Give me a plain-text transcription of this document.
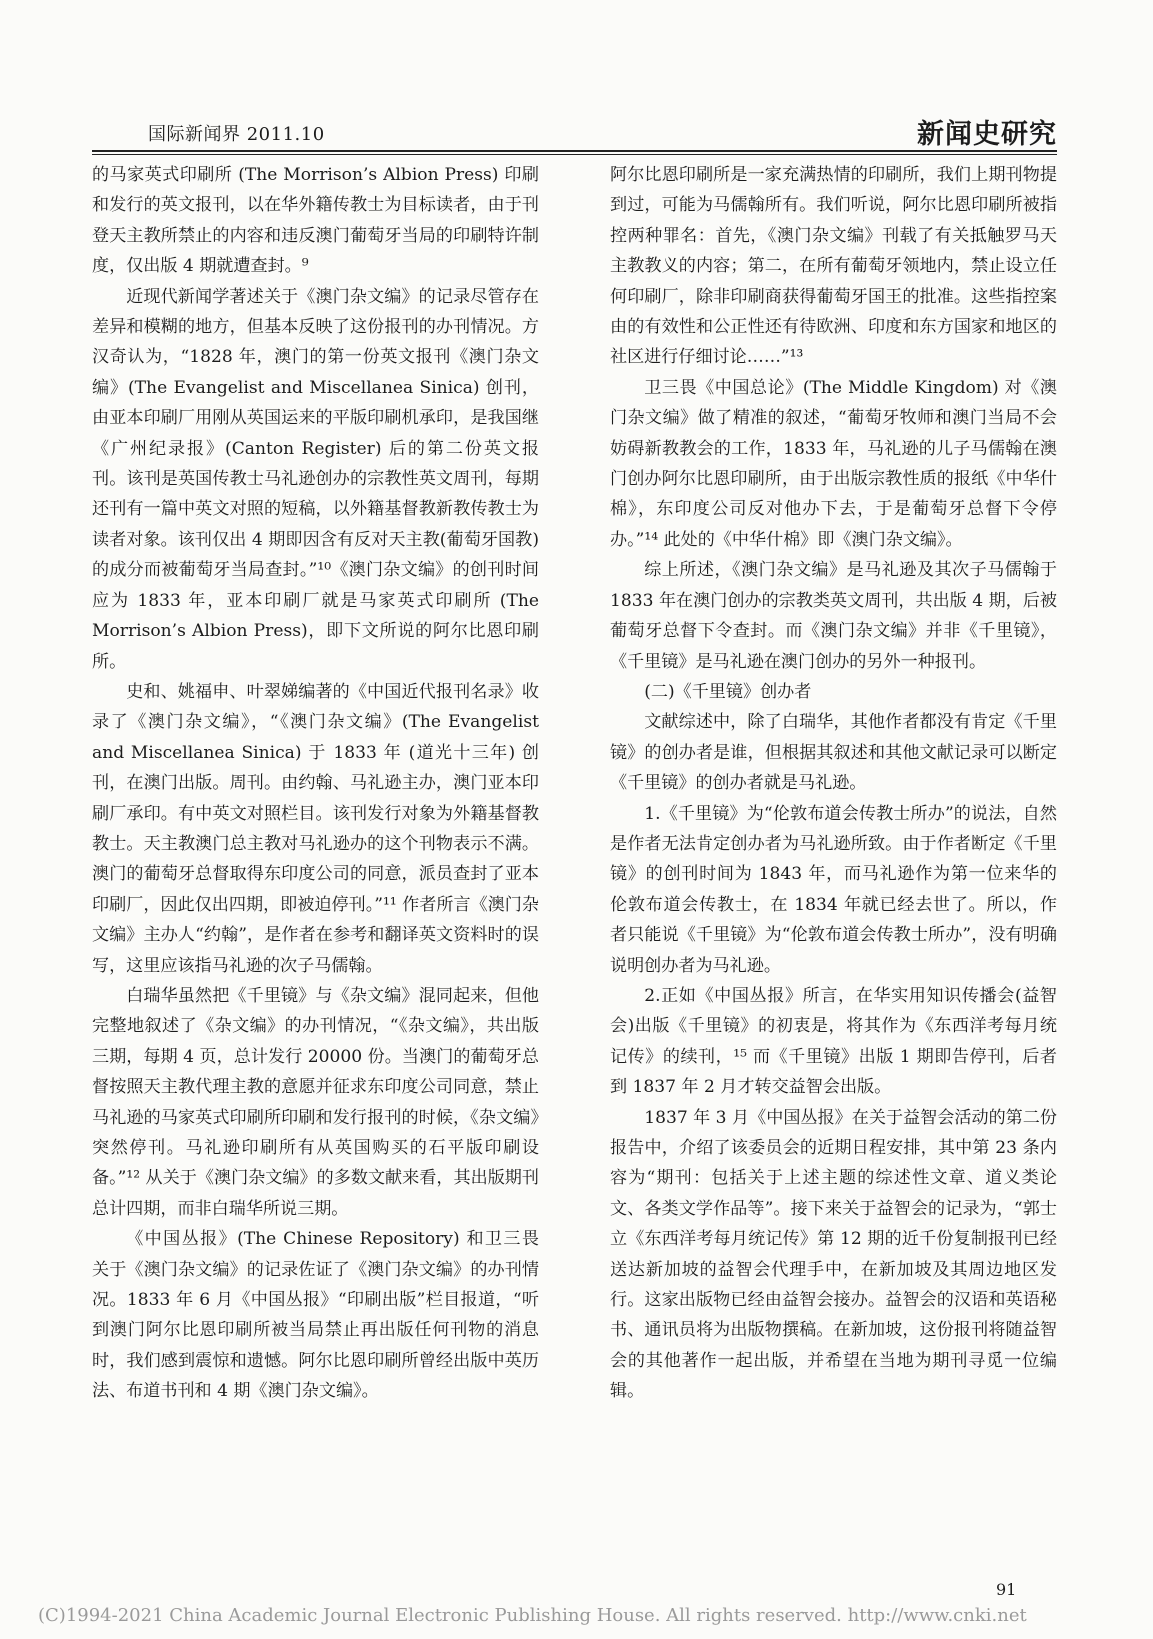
国际新闻界 2011.10	新闻史研究

的马家英式印刷所 (The Morrison’s Albion Press) 印刷和发行的英文报刊，以在华外籍传教士为目标读者，由于刊登天主教所禁止的内容和违反澳门葡萄牙当局的印刷特许制度，仅出版 4 期就遭查封。⁹

近现代新闻学著述关于《澳门杂文编》的记录尽管存在差异和模糊的地方，但基本反映了这份报刊的办刊情况。方汉奇认为，“1828 年，澳门的第一份英文报刊《澳门杂文编》(The Evangelist and Miscellanea Sinica) 创刊，由亚本印刷厂用刚从英国运来的平版印刷机承印，是我国继《广州纪录报》(Canton Register) 后的第二份英文报刊。该刊是英国传教士马礼逊创办的宗教性英文周刊，每期还刊有一篇中英文对照的短稿，以外籍基督教新教传教士为读者对象。该刊仅出 4 期即因含有反对天主教(葡萄牙国教)的成分而被葡萄牙当局查封。”¹⁰《澳门杂文编》的创刊时间应为 1833 年，亚本印刷厂就是马家英式印刷所 (The Morrison’s Albion Press)，即下文所说的阿尔比恩印刷所。

史和、姚福申、叶翠娣编著的《中国近代报刊名录》收录了《澳门杂文编》，“《澳门杂文编》(The Evangelist and Miscellanea Sinica) 于 1833 年 (道光十三年) 创刊，在澳门出版。周刊。由约翰、马礼逊主办，澳门亚本印刷厂承印。有中英文对照栏目。该刊发行对象为外籍基督教教士。天主教澳门总主教对马礼逊办的这个刊物表示不满。澳门的葡萄牙总督取得东印度公司的同意，派员查封了亚本印刷厂，因此仅出四期，即被迫停刊。”¹¹ 作者所言《澳门杂文编》主办人“约翰”，是作者在参考和翻译英文资料时的误写，这里应该指马礼逊的次子马儒翰。

白瑞华虽然把《千里镜》与《杂文编》混同起来，但他完整地叙述了《杂文编》的办刊情况，“《杂文编》，共出版三期，每期 4 页，总计发行 20000 份。当澳门的葡萄牙总督按照天主教代理主教的意愿并征求东印度公司同意，禁止马礼逊的马家英式印刷所印刷和发行报刊的时候，《杂文编》突然停刊。马礼逊印刷所有从英国购买的石平版印刷设备。”¹² 从关于《澳门杂文编》的多数文献来看，其出版期刊总计四期，而非白瑞华所说三期。

《中国丛报》(The Chinese Repository) 和卫三畏关于《澳门杂文编》的记录佐证了《澳门杂文编》的办刊情况。1833 年 6 月《中国丛报》“印刷出版”栏目报道，“听到澳门阿尔比恩印刷所被当局禁止再出版任何刊物的消息时，我们感到震惊和遗憾。阿尔比恩印刷所曾经出版中英历法、布道书刊和 4 期《澳门杂文编》。

阿尔比恩印刷所是一家充满热情的印刷所，我们上期刊物提到过，可能为马儒翰所有。我们听说，阿尔比恩印刷所被指控两种罪名：首先，《澳门杂文编》刊载了有关抵触罗马天主教教义的内容；第二，在所有葡萄牙领地内，禁止设立任何印刷厂，除非印刷商获得葡萄牙国王的批准。这些指控案由的有效性和公正性还有待欧洲、印度和东方国家和地区的社区进行仔细讨论……”¹³

卫三畏《中国总论》(The Middle Kingdom) 对《澳门杂文编》做了精准的叙述，“葡萄牙牧师和澳门当局不会妨碍新教教会的工作，1833 年，马礼逊的儿子马儒翰在澳门创办阿尔比恩印刷所，由于出版宗教性质的报纸《中华什棉》，东印度公司反对他办下去，于是葡萄牙总督下令停办。”¹⁴ 此处的《中华什棉》即《澳门杂文编》。

综上所述，《澳门杂文编》是马礼逊及其次子马儒翰于 1833 年在澳门创办的宗教类英文周刊，共出版 4 期，后被葡萄牙总督下令查封。而《澳门杂文编》并非《千里镜》，《千里镜》是马礼逊在澳门创办的另外一种报刊。

(二)《千里镜》创办者

文献综述中，除了白瑞华，其他作者都没有肯定《千里镜》的创办者是谁，但根据其叙述和其他文献记录可以断定《千里镜》的创办者就是马礼逊。

1.《千里镜》为“伦敦布道会传教士所办”的说法，自然是作者无法肯定创办者为马礼逊所致。由于作者断定《千里镜》的创刊时间为 1843 年，而马礼逊作为第一位来华的伦敦布道会传教士，在 1834 年就已经去世了。所以，作者只能说《千里镜》为“伦敦布道会传教士所办”，没有明确说明创办者为马礼逊。

2.正如《中国丛报》所言，在华实用知识传播会(益智会)出版《千里镜》的初衷是，将其作为《东西洋考每月统记传》的续刊，¹⁵ 而《千里镜》出版 1 期即告停刊，后者到 1837 年 2 月才转交益智会出版。

1837 年 3 月《中国丛报》在关于益智会活动的第二份报告中，介绍了该委员会的近期日程安排，其中第 23 条内容为“期刊：包括关于上述主题的综述性文章、道义类论文、各类文学作品等”。接下来关于益智会的记录为，“郭士立《东西洋考每月统记传》第 12 期的近千份复制报刊已经送达新加坡的益智会代理手中，在新加坡及其周边地区发行。这家出版物已经由益智会接办。益智会的汉语和英语秘书、通讯员将为出版物撰稿。在新加坡，这份报刊将随益智会的其他著作一起出版，并希望在当地为期刊寻觅一位编辑。

91
(C)1994-2021 China Academic Journal Electronic Publishing House. All rights reserved. http://www.cnki.net
